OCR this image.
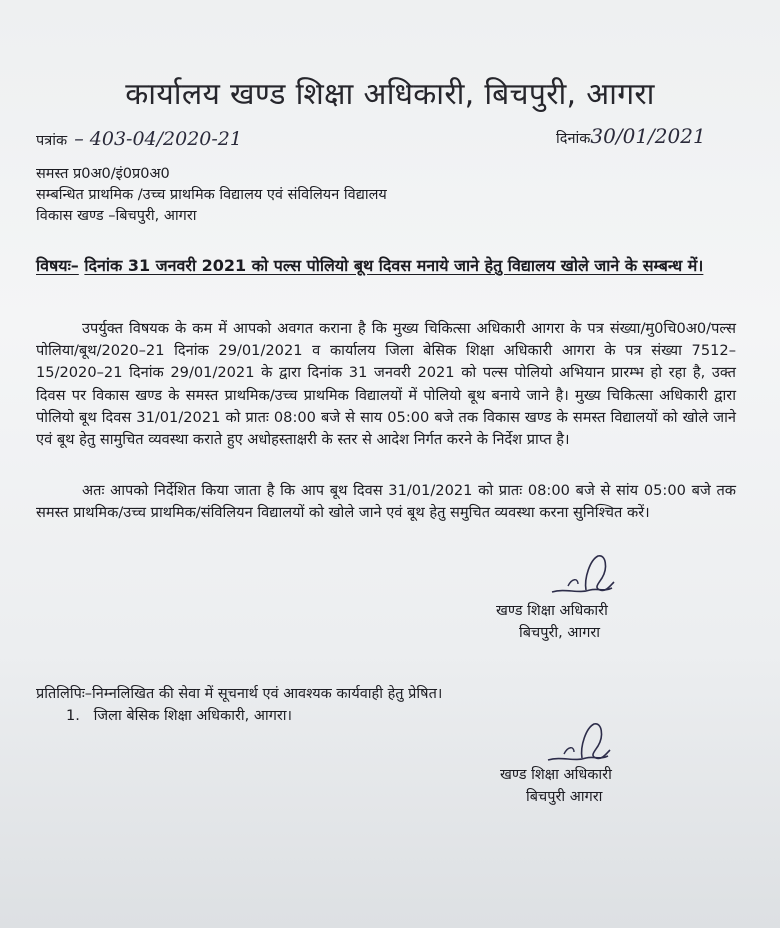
कार्यालय खण्ड शिक्षा अधिकारी, बिचपुरी, आगरा
पत्रांक – 403-04/2020-21	दिनांक30/01/2021
समस्त प्र0अ0/इं0प्र0अ0
सम्बन्धित प्राथमिक /उच्च प्राथमिक विद्यालय एवं संविलियन विद्यालय
विकास खण्ड –बिचपुरी, आगरा
विषयः– दिनांक 31 जनवरी 2021 को पल्स पोलियो बूथ दिवस मनाये जाने हेतु विद्यालय खोले जाने के सम्बन्ध में।
उपर्युक्त विषयक के कम में आपको अवगत कराना है कि मुख्य चिकित्सा अधिकारी आगरा के पत्र संख्या/मु0चि0अ0/पल्स पोलिया/बूथ/2020–21 दिनांक 29/01/2021 व कार्यालय जिला बेसिक शिक्षा अधिकारी आगरा के पत्र संख्या 7512–15/2020–21 दिनांक 29/01/2021 के द्वारा दिनांक 31 जनवरी 2021 को पल्स पोलियो अभियान प्रारम्भ हो रहा है, उक्त दिवस पर विकास खण्ड के समस्त प्राथमिक/उच्च प्राथमिक विद्यालयों में पोलियो बूथ बनाये जाने है। मुख्य चिकित्सा अधिकारी द्वारा पोलियो बूथ दिवस 31/01/2021 को प्रातः 08:00 बजे से साय 05:00 बजे तक विकास खण्ड के समस्त विद्यालयों को खोले जाने एवं बूथ हेतु सामुचित व्यवस्था कराते हुए अधोहस्ताक्षरी के स्तर से आदेश निर्गत करने के निर्देश प्राप्त है।
अतः आपको निर्देशित किया जाता है कि आप बूथ दिवस 31/01/2021 को प्रातः 08:00 बजे से सांय 05:00 बजे तक समस्त प्राथमिक/उच्च प्राथमिक/संविलियन विद्यालयों को खोले जाने एवं बूथ हेतु समुचित व्यवस्था करना सुनिश्चित करें।
खण्ड शिक्षा अधिकारी
बिचपुरी, आगरा
प्रतिलिपिः–निम्नलिखित की सेवा में सूचनार्थ एवं आवश्यक कार्यवाही हेतु प्रेषित।
1.   जिला बेसिक शिक्षा अधिकारी, आगरा।
खण्ड शिक्षा अधिकारी
बिचपुरी आगरा
